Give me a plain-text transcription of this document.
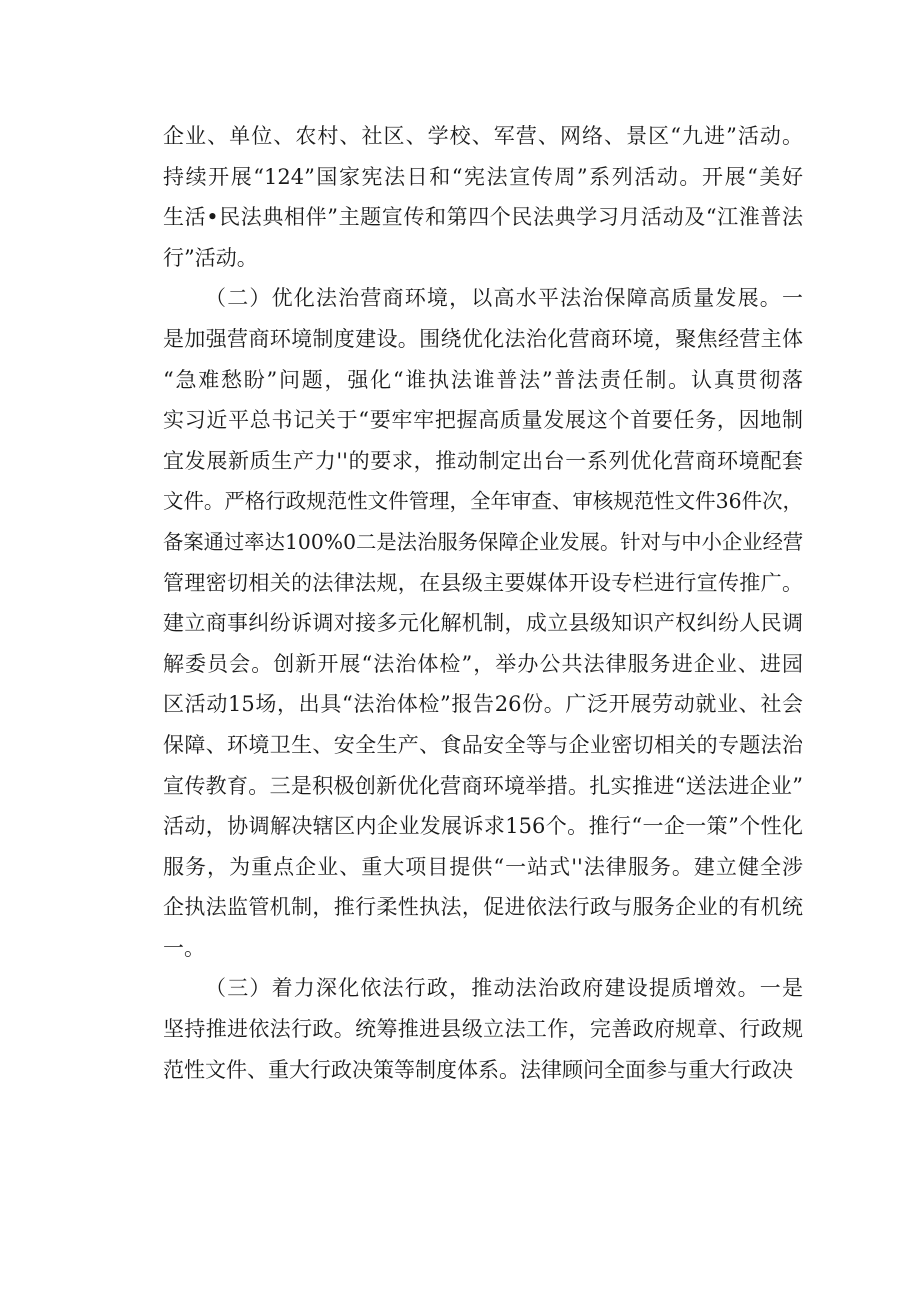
企业、单位、农村、社区、学校、军营、网络、景区“九进”活动。
持续开展“124”国家宪法日和“宪法宣传周”系列活动。开展“美好
生活•民法典相伴”主题宣传和第四个民法典学习月活动及“江淮普法
行”活动。
（二）优化法治营商环境，以高水平法治保障高质量发展。一
是加强营商环境制度建设。围绕优化法治化营商环境，聚焦经营主体
“急难愁盼”问题，强化“谁执法谁普法”普法责任制。认真贯彻落
实习近平总书记关于“要牢牢把握高质量发展这个首要任务，因地制
宜发展新质生产力''的要求，推动制定出台一系列优化营商环境配套
文件。严格行政规范性文件管理，全年审查、审核规范性文件36件次，
备案通过率达100%0二是法治服务保障企业发展。针对与中小企业经营
管理密切相关的法律法规，在县级主要媒体开设专栏进行宣传推广。
建立商事纠纷诉调对接多元化解机制，成立县级知识产权纠纷人民调
解委员会。创新开展“法治体检”，举办公共法律服务进企业、进园
区活动15场，出具“法治体检”报告26份。广泛开展劳动就业、社会
保障、环境卫生、安全生产、食品安全等与企业密切相关的专题法治
宣传教育。三是积极创新优化营商环境举措。扎实推进“送法进企业”
活动，协调解决辖区内企业发展诉求156个。推行“一企一策”个性化
服务，为重点企业、重大项目提供“一站式''法律服务。建立健全涉
企执法监管机制，推行柔性执法，促进依法行政与服务企业的有机统
一。
（三）着力深化依法行政，推动法治政府建设提质增效。一是
坚持推进依法行政。统筹推进县级立法工作，完善政府规章、行政规
范性文件、重大行政决策等制度体系。法律顾问全面参与重大行政决
